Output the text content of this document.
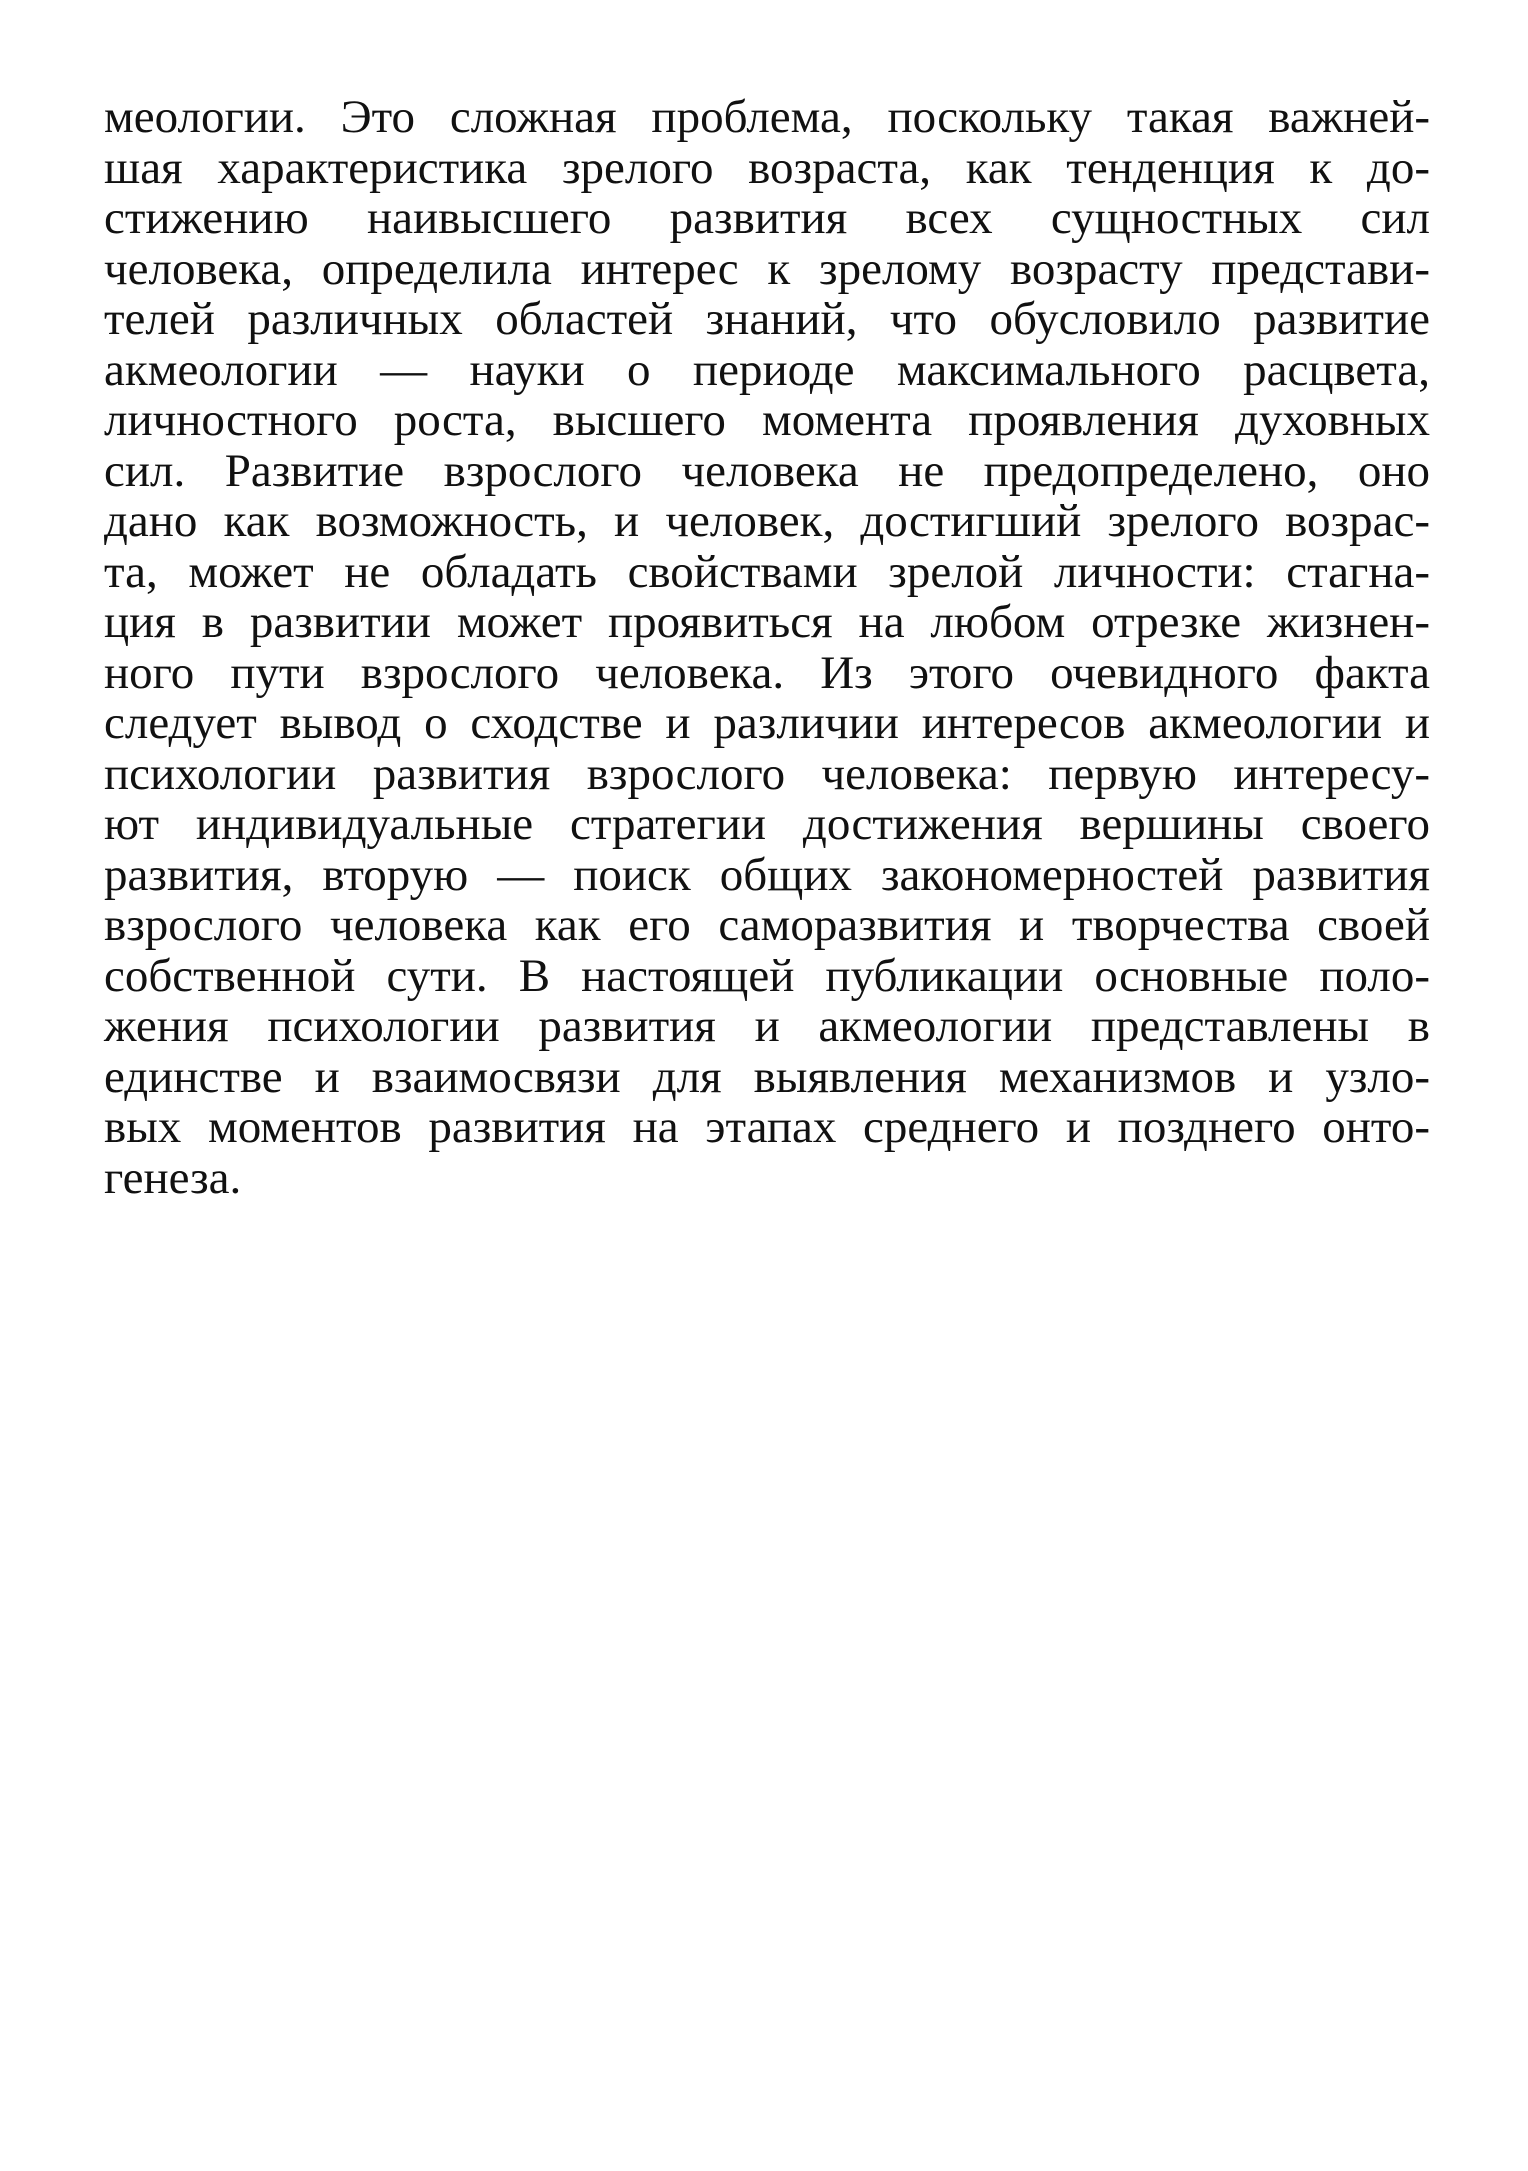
меологии. Это сложная проблема, поскольку такая важней-
шая характеристика зрелого возраста, как тенденция к до-
стижению наивысшего развития всех сущностных сил
человека, определила интерес к зрелому возрасту представи-
телей различных областей знаний, что обусловило развитие
акмеологии — науки о периоде максимального расцвета,
личностного роста, высшего момента проявления духовных
сил. Развитие взрослого человека не предопределено, оно
дано как возможность, и человек, достигший зрелого возрас-
та, может не обладать свойствами зрелой личности: стагна-
ция в развитии может проявиться на любом отрезке жизнен-
ного пути взрослого человека. Из этого очевидного факта
следует вывод о сходстве и различии интересов акмеологии и
психологии развития взрослого человека: первую интересу-
ют индивидуальные стратегии достижения вершины своего
развития, вторую — поиск общих закономерностей развития
взрослого человека как его саморазвития и творчества своей
собственной сути. В настоящей публикации основные поло-
жения психологии развития и акмеологии представлены в
единстве и взаимосвязи для выявления механизмов и узло-
вых моментов развития на этапах среднего и позднего онто-
генеза.
